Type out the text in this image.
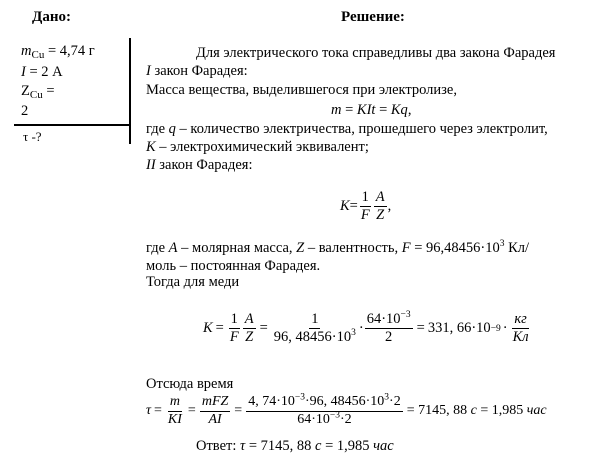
Дано:	Решение:
$m_{Cu} = 4,74$ г
I = 2 А
$Z_{Cu}$ =
2
τ -?
Для электрического тока справедливы два закона Фарадея
I закон Фарадея:
Масса вещества, выделившегося при электролизе,
m = KIt = Kq,
где q – количество электричества, прошедшего через электролит,
K – электрохимический эквивалент;
II закон Фарадея:
$K = \frac{1}{F} \frac{A}{Z}$ ,
где A – молярная масса, Z – валентность, $F = 96,48456\cdot 10^3$ Кл/
моль – постоянная Фарадея.
Тогда для меди
$K = \frac{1}{F} \frac{A}{Z} = \frac{1}{96, 48456\cdot 10^3} \cdot \frac{64\cdot 10^{-3}}{2} = 331$, $66\cdot 10 -9 \cdot \frac{кг}{Кл}$
Отсюда время
$\tau = \frac{m}{KI} = \frac{\text{mFZ}}{AI} = \frac{4, 74\cdot 10^{-3}\cdot 96, 48456\cdot 10^3\cdot 2}{64\cdot 10^{-3}\cdot 2} = 7145$, 88 с = 1,985 час
Ответ: τ = 7145, 88 с = 1,985 час
